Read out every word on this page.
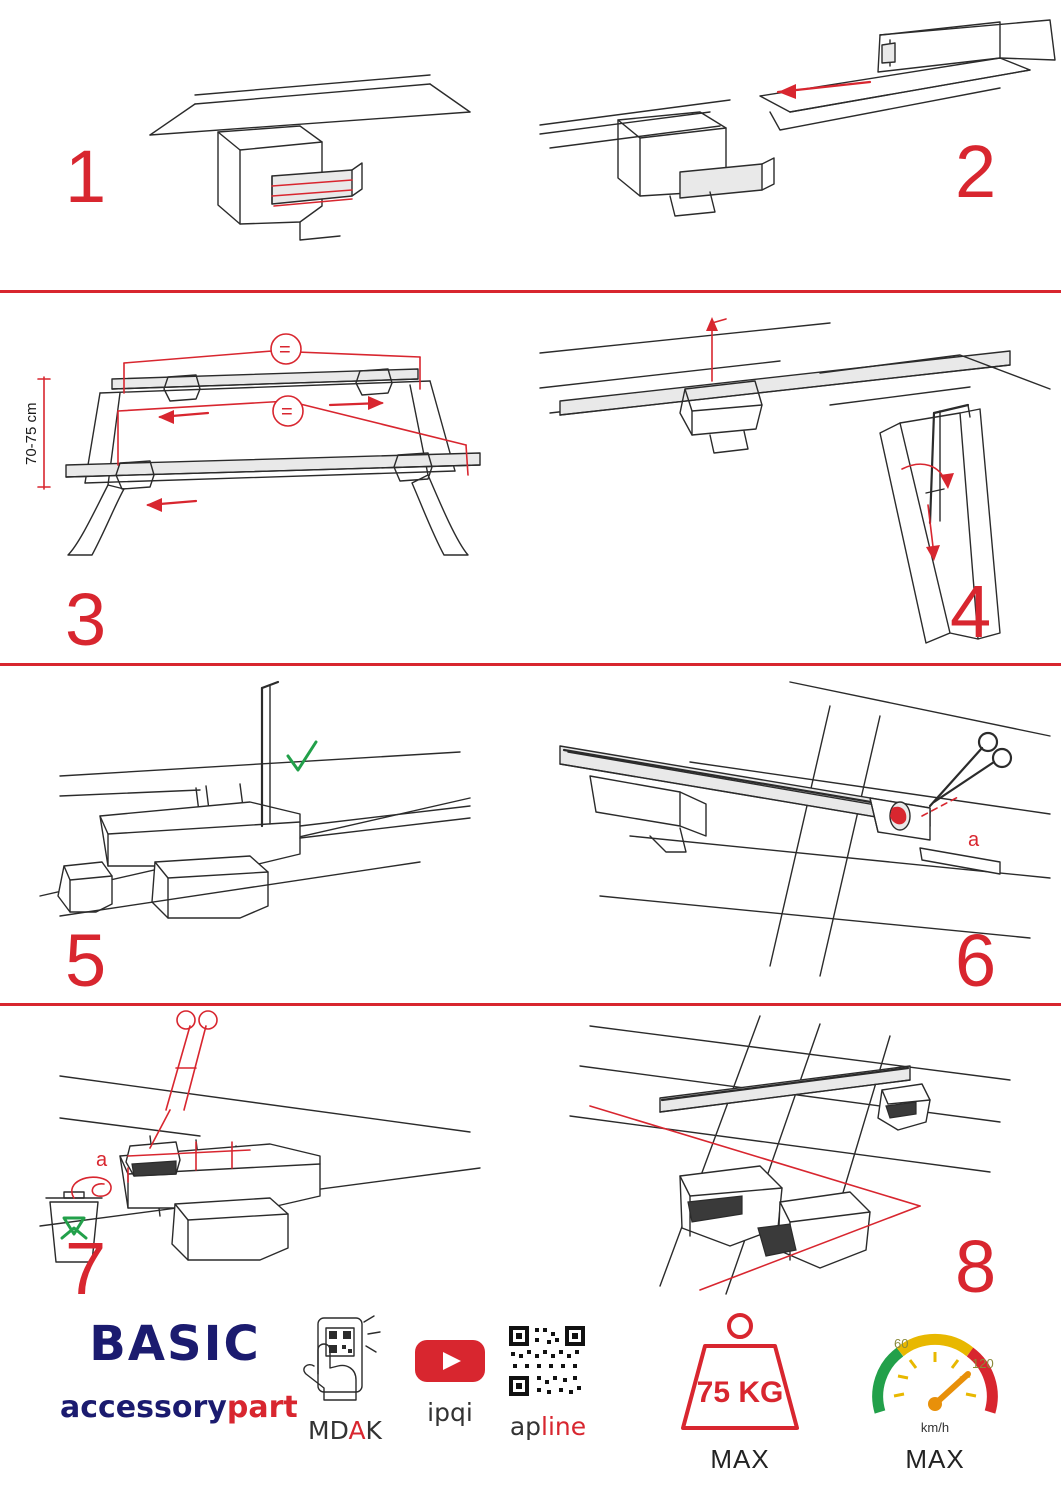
1	2
=
=
70-75 cm
3	4
5
a
6
a
7	8
BASIC
accessorypart
MDAK
ipqi	apline
75 KG
MAX
60
120
km/h
MAX
